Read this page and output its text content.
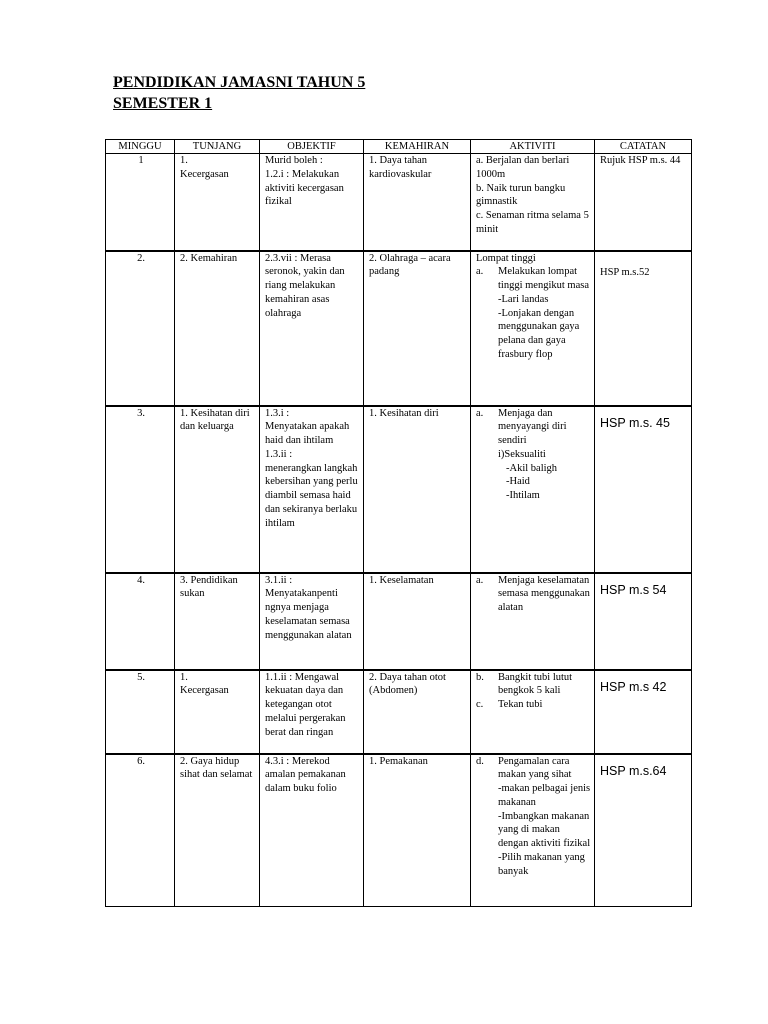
PENDIDIKAN JAMASNI TAHUN 5
SEMESTER 1
MINGGU	TUNJANG	OBJEKTIF	KEMAHIRAN	AKTIVITI	CATATAN
1	1.
Kecergasan	Murid boleh :
1.2.i : Melakukan aktiviti kecergasan fizikal	1. Daya tahan kardiovaskular	a. Berjalan dan berlari 1000m
b. Naik turun bangku gimnastik
c. Senaman ritma selama 5 minit	Rujuk HSP m.s. 44

2.	2. Kemahiran	2.3.vii : Merasa seronok, yakin dan riang melakukan kemahiran asas olahraga	2. Olahraga – acara padang	Lompat tinggi
a. Melakukan lompat tinggi mengikut masa
-Lari landas
-Lonjakan dengan menggunakan gaya pelana dan gaya frasbury flop	HSP m.s.52

3.	1. Kesihatan diri dan keluarga	1.3.i :
Menyatakan apakah haid dan ihtilam
1.3.ii :
menerangkan langkah kebersihan yang perlu diambil semasa haid dan sekiranya berlaku ihtilam	1. Kesihatan diri	a. Menjaga dan menyayangi diri sendiri
i)Seksualiti
-Akil baligh
-Haid
-Ihtilam	HSP m.s. 45

4.	3. Pendidikan sukan	3.1.ii :
Menyatakanpenti ngnya menjaga keselamatan semasa menggunakan alatan	1. Keselamatan	a. Menjaga keselamatan semasa menggunakan alatan	HSP m.s 54

5.	1.
Kecergasan	1.1.ii : Mengawal kekuatan daya dan ketegangan otot melalui pergerakan berat dan ringan	2. Daya tahan otot (Abdomen)	b. Bangkit tubi lutut bengkok 5 kali
c. Tekan tubi	HSP m.s 42

6.	2. Gaya hidup sihat dan selamat	4.3.i : Merekod amalan pemakanan dalam buku folio	1. Pemakanan	d. Pengamalan cara makan yang sihat
-makan pelbagai jenis makanan
-Imbangkan makanan yang di makan dengan aktiviti fizikal
-Pilih makanan yang banyak	HSP m.s.64
